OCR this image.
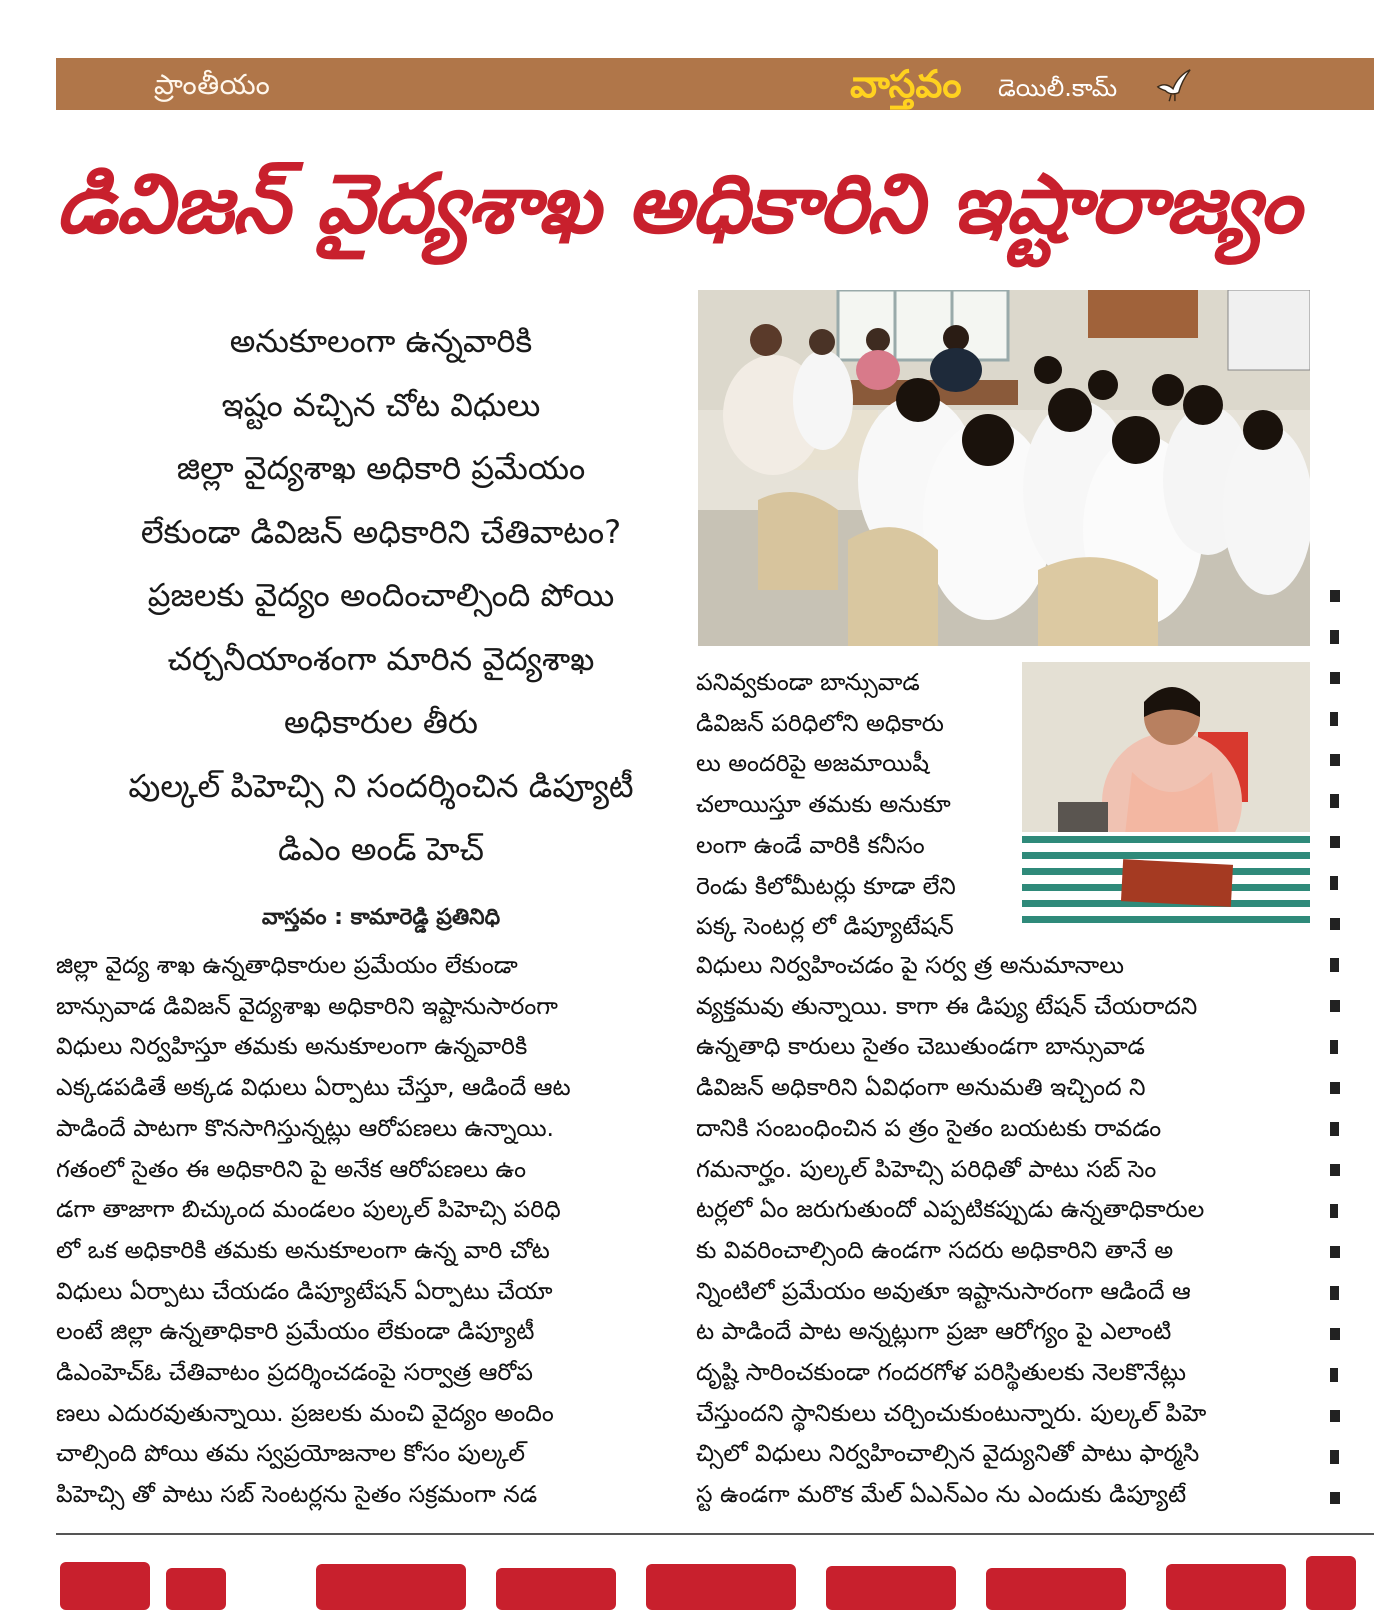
ప్రాంతీయం	వాస్తవం డెయిలీ.కామ్
డివిజన్ వైద్యశాఖ అధికారిని ఇష్టారాజ్యం
అనుకూలంగా ఉన్నవారికి
ఇష్టం వచ్చిన చోట విధులు
జిల్లా వైద్యశాఖ అధికారి ప్రమేయం
లేకుండా డివిజన్ అధికారిని చేతివాటం?
ప్రజలకు వైద్యం అందించాల్సింది పోయి
చర్చనీయాంశంగా మారిన వైద్యశాఖ
అధికారుల తీరు
పుల్కల్ పిహెచ్సి ని సందర్శించిన డిప్యూటీ
డిఎం అండ్ హెచ్
వాస్తవం : కామారెడ్డి ప్రతినిధి

జిల్లా వైద్య శాఖ ఉన్నతాధికారుల ప్రమేయం లేకుండా

బాన్సువాడ డివిజన్ వైద్యశాఖ అధికారిని ఇష్టానుసారంగా

విధులు నిర్వహిస్తూ తమకు అనుకూలంగా ఉన్నవారికి

ఎక్కడపడితే అక్కడ విధులు ఏర్పాటు చేస్తూ, ఆడిందే ఆట

పాడిందే పాటగా కొనసాగిస్తున్నట్లు ఆరోపణలు ఉన్నాయి.

గతంలో సైతం ఈ అధికారిని పై అనేక ఆరోపణలు ఉం

డగా తాజాగా బిచ్కుంద మండలం పుల్కల్ పిహెచ్సి పరిధి

లో ఒక అధికారికి తమకు అనుకూలంగా ఉన్న వారి చోట

విధులు ఏర్పాటు చేయడం డిప్యూటేషన్ ఏర్పాటు చేయా

లంటే జిల్లా ఉన్నతాధికారి ప్రమేయం లేకుండా డిప్యూటీ

డిఎంహెచ్ఓ చేతివాటం ప్రదర్శించడంపై సర్వాత్ర ఆరోప

ణలు ఎదురవుతున్నాయి. ప్రజలకు మంచి వైద్యం అందిం

చాల్సింది పోయి తమ స్వప్రయోజనాల కోసం పుల్కల్

పిహెచ్సి తో పాటు సబ్ సెంటర్లను సైతం సక్రమంగా నడ

పనివ్వకుండా బాన్సువాడ

డివిజన్ పరిధిలోని అధికారు

లు అందరిపై అజమాయిషీ

చలాయిస్తూ తమకు అనుకూ

లంగా ఉండే వారికి కనీసం

రెండు కిలోమీటర్లు కూడా లేని

పక్క సెంటర్ల లో డిప్యూటేషన్

విధులు నిర్వహించడం పై సర్వ త్ర అనుమానాలు

వ్యక్తమవు తున్నాయి. కాగా ఈ డిప్యు టేషన్ చేయరాదని

ఉన్నతాధి కారులు సైతం చెబుతుండగా బాన్సువాడ

డివిజన్ అధికారిని ఏవిధంగా అనుమతి ఇచ్చింద ని

దానికి సంబంధించిన ప త్రం సైతం బయటకు రావడం

గమనార్హం. పుల్కల్ పిహెచ్సి పరిధితో పాటు సబ్ సెం

టర్లలో ఏం జరుగుతుందో ఎప్పటికప్పుడు ఉన్నతాధికారుల

కు వివరించాల్సింది ఉండగా సదరు అధికారిని తానే అ

న్నింటిలో ప్రమేయం అవుతూ ఇష్టానుసారంగా ఆడిందే ఆ

ట పాడిందే పాట అన్నట్లుగా ప్రజా ఆరోగ్యం పై ఎలాంటి

దృష్టి సారించకుండా గందరగోళ పరిస్థితులకు నెలకొనేట్లు

చేస్తుందని స్థానికులు చర్చించుకుంటున్నారు. పుల్కల్ పిహె

చ్సిలో విధులు నిర్వహించాల్సిన వైద్యునితో పాటు ఫార్మసి

స్ట ఉండగా మరొక మేల్ ఏఎన్ఎం ను ఎందుకు డిప్యూటే
